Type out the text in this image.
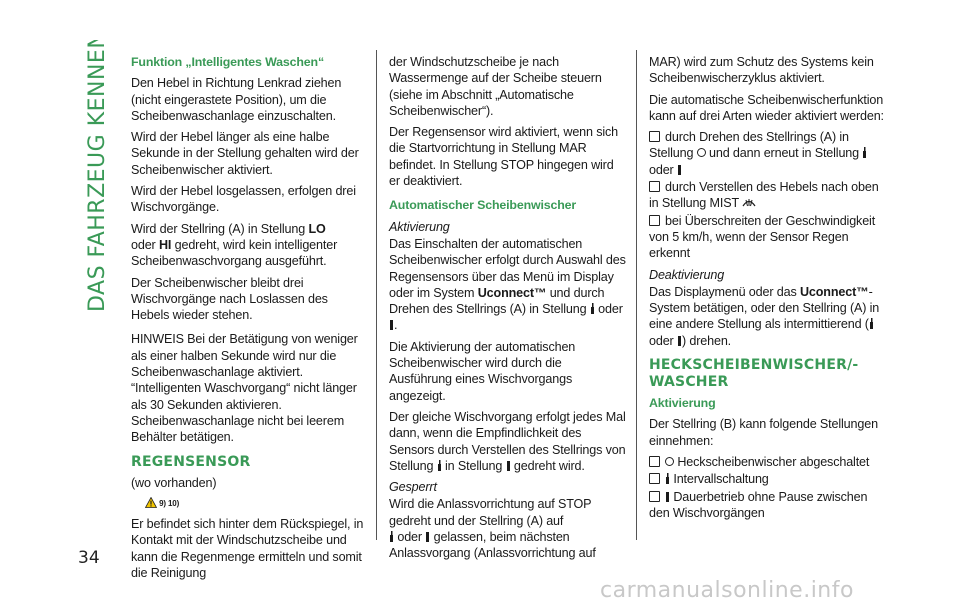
DAS FAHRZEUG KENNEN Funktion „Intelligentes Waschen“

Den Hebel in Richtung Lenkrad ziehen (nicht eingerastete Position), um die Scheibenwaschanlage einzuschalten.

Wird der Hebel länger als eine halbe Sekunde in der Stellung gehalten wird der Scheibenwischer aktiviert.

Wird der Hebel losgelassen, erfolgen drei Wischvorgänge.

Wird der Stellring (A) in Stellung LO
oder HI gedreht, wird kein intelligenter Scheibenwaschvorgang ausgeführt.

Der Scheibenwischer bleibt drei Wischvorgänge nach Loslassen des Hebels wieder stehen.

HINWEIS Bei der Betätigung von weniger als einer halben Sekunde wird nur die Scheibenwaschanlage aktiviert. “Intelligenten Waschvorgang“ nicht länger als 30 Sekunden aktivieren. Scheibenwaschanlage nicht bei leerem Behälter betätigen.

REGENSENSOR

(wo vorhanden)

9) 10)

Er befindet sich hinter dem Rückspiegel, in Kontakt mit der Windschutzscheibe und kann die Regenmenge ermitteln und somit die Reinigung

der Windschutzscheibe je nach Wassermenge auf der Scheibe steuern (siehe im Abschnitt „Automatische Scheibenwischer“).

Der Regensensor wird aktiviert, wenn sich die Startvorrichtung in Stellung MAR befindet. In Stellung STOP hingegen wird er deaktiviert.

Automatischer Scheibenwischer

Aktivierung

Das Einschalten der automatischen Scheibenwischer erfolgt durch Auswahl des Regensensors über das Menü im Display oder im System Uconnect™ und durch Drehen des Stellrings (A) in Stellung  oder .

Die Aktivierung der automatischen Scheibenwischer wird durch die Ausführung eines Wischvorgangs angezeigt.

Der gleiche Wischvorgang erfolgt jedes Mal dann, wenn die Empfindlichkeit des Sensors durch Verstellen des Stellrings von Stellung  in Stellung  gedreht wird.

Gesperrt

Wird die Anlassvorrichtung auf STOP gedreht und der Stellring (A) auf
oder  gelassen, beim nächsten Anlassvorgang (Anlassvorrichtung auf

MAR) wird zum Schutz des Systems kein Scheibenwischerzyklus aktiviert.

Die automatische Scheibenwischerfunktion kann auf drei Arten wieder aktiviert werden:

durch Drehen des Stellrings (A) in Stellung  und dann erneut in Stellung
oder

durch Verstellen des Hebels nach oben in Stellung MIST

bei Überschreiten der Geschwindigkeit von 5 km/h, wenn der Sensor Regen erkennt

Deaktivierung

Das Displaymenü oder das Uconnect™-System betätigen, oder den Stellring (A) in eine andere Stellung als intermittierend ( oder ) drehen.

HECKSCHEIBENWISCHER/-WASCHER

Aktivierung

Der Stellring (B) kann folgende Stellungen einnehmen:

Heckscheibenwischer abgeschaltet

Intervallschaltung

Dauerbetrieb ohne Pause zwischen den Wischvorgängen

34
carmanualsonline.info
